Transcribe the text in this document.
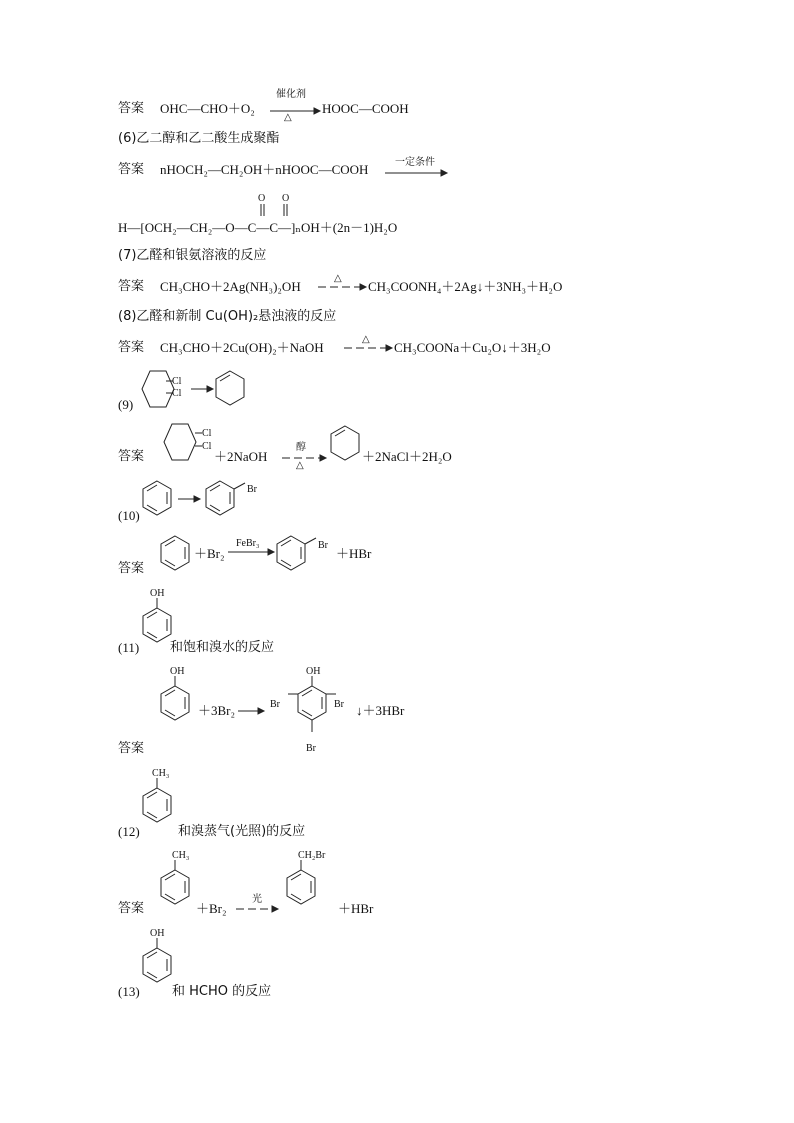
答案 OHC—CHO＋O₂
催化剂
△
HOOC—COOH
(6)乙二醇和乙二酸生成聚酯
答案 nHOCH₂—CH₂OH＋nHOOC—COOH	一定条件
O O
H—[OCH₂—CH₂—O—C—C—]ₙOH＋(2n－1)H₂O
(7)乙醛和银氨溶液的反应
答案 CH₃CHO＋2Ag(NH₃)₂OH
△
→ CH₃COONH₄＋2Ag↓＋3NH₃＋H₂O
(8)乙醛和新制 Cu(OH)₂悬浊液的反应
答案 CH₃CHO＋2Cu(OH)₂＋NaOH
△
→ CH₃COONa＋Cu₂O↓＋3H₂O
(9)
Cl
Cl →
答案
Cl
Cl
＋2NaOH
醇
△
＋2NaCl＋2H₂O
(10)
Br
答案
＋Br₂
FeBr₃	Br
＋HBr
OH
(11) 和饱和溴水的反应
OH
＋3Br₂ →
OH
Br	Br
Br
↓＋3HBr
答案
CH₃
(12)	和溴蒸气(光照)的反应
CH₃
答案	＋Br₂
光
CH₂Br
＋HBr
OH
(13) 和 HCHO 的反应
